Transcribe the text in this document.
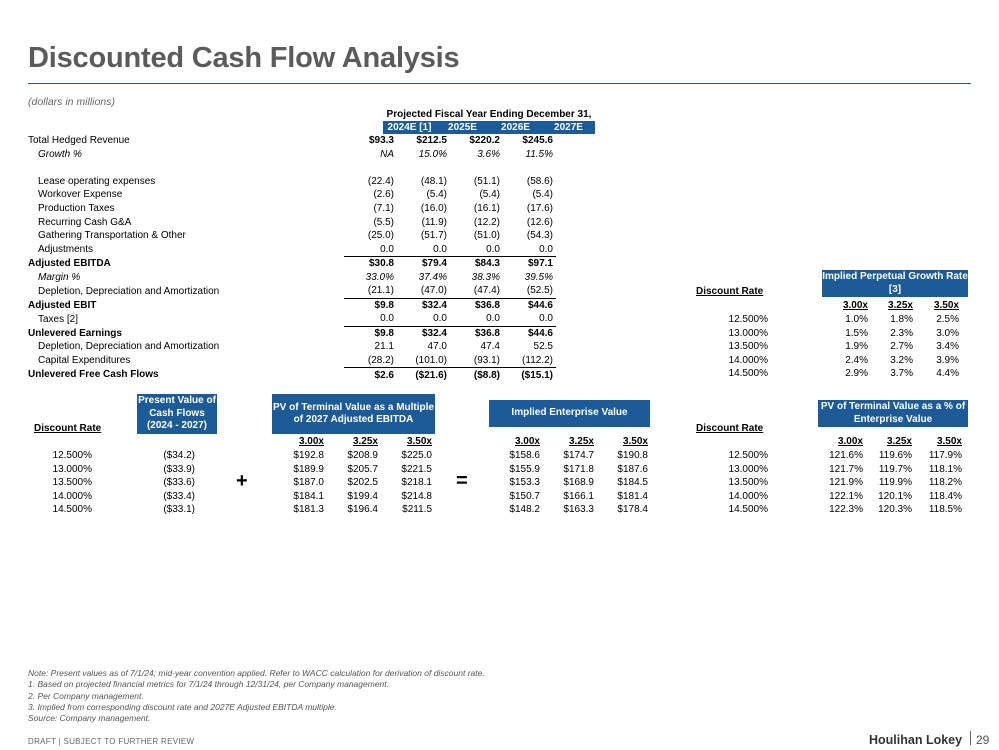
Discounted Cash Flow Analysis
(dollars in millions)
Projected Fiscal Year Ending December 31,
2024E [1]	2025E	2026E	2027E
Total Hedged Revenue	$93.3	$212.5	$220.2	$245.6
Growth %	NA	15.0%	3.6%	11.5%

Lease operating expenses	(22.4)	(48.1)	(51.1)	(58.6)
Workover Expense	(2.6)	(5.4)	(5.4)	(5.4)
Production Taxes	(7.1)	(16.0)	(16.1)	(17.6)
Recurring Cash G&A	(5.5)	(11.9)	(12.2)	(12.6)
Gathering Transportation & Other	(25.0)	(51.7)	(51.0)	(54.3)
Adjustments	0.0	0.0	0.0	0.0
Adjusted EBITDA	$30.8	$79.4	$84.3	$97.1
Margin %	33.0%	37.4%	38.3%	39.5%
Depletion, Depreciation and Amortization	(21.1)	(47.0)	(47.4)	(52.5)
Adjusted EBIT	$9.8	$32.4	$36.8	$44.6
Taxes [2]	0.0	0.0	0.0	0.0
Unlevered Earnings	$9.8	$32.4	$36.8	$44.6
Depletion, Depreciation and Amortization	21.1	47.0	47.4	52.5
Capital Expenditures	(28.2)	(101.0)	(93.1)	(112.2)
Unlevered Free Cash Flows	$2.6	($21.6)	($8.8)	($15.1)
Implied Perpetual Growth Rate [3]
Discount Rate
3.00x	3.25x	3.50x
12.500%	1.0%	1.8%	2.5%
13.000%	1.5%	2.3%	3.0%
13.500%	1.9%	2.7%	3.4%
14.000%	2.4%	3.2%	3.9%
14.500%	2.9%	3.7%	4.4%
Discount Rate
Present Value of Cash Flows (2024 - 2027)
PV of Terminal Value as a Multiple of 2027 Adjusted EBITDA
Implied Enterprise Value
Discount Rate
PV of Terminal Value as a % of Enterprise Value
+	=
3.00x	3.25x	3.50x	3.00x	3.25x	3.50x	3.00x	3.25x	3.50x
12.500%	($34.2)	$192.8	$208.9	$225.0	$158.6	$174.7	$190.8	12.500%	121.6%	119.6%	117.9%
13.000%	($33.9)	$189.9	$205.7	$221.5	$155.9	$171.8	$187.6	13.000%	121.7%	119.7%	118.1%
13.500%	($33.6)	$187.0	$202.5	$218.1	$153.3	$168.9	$184.5	13.500%	121.9%	119.9%	118.2%
14.000%	($33.4)	$184.1	$199.4	$214.8	$150.7	$166.1	$181.4	14.000%	122.1%	120.1%	118.4%
14.500%	($33.1)	$181.3	$196.4	$211.5	$148.2	$163.3	$178.4	14.500%	122.3%	120.3%	118.5%
Note: Present values as of 7/1/24; mid-year convention applied. Refer to WACC calculation for derivation of discount rate.
1. Based on projected financial metrics for 7/1/24 through 12/31/24, per Company management.
2. Per Company management.
3. Implied from corresponding discount rate and 2027E Adjusted EBITDA multiple.
Source: Company management.
DRAFT | SUBJECT TO FURTHER REVIEW	Houlihan Lokey 29
